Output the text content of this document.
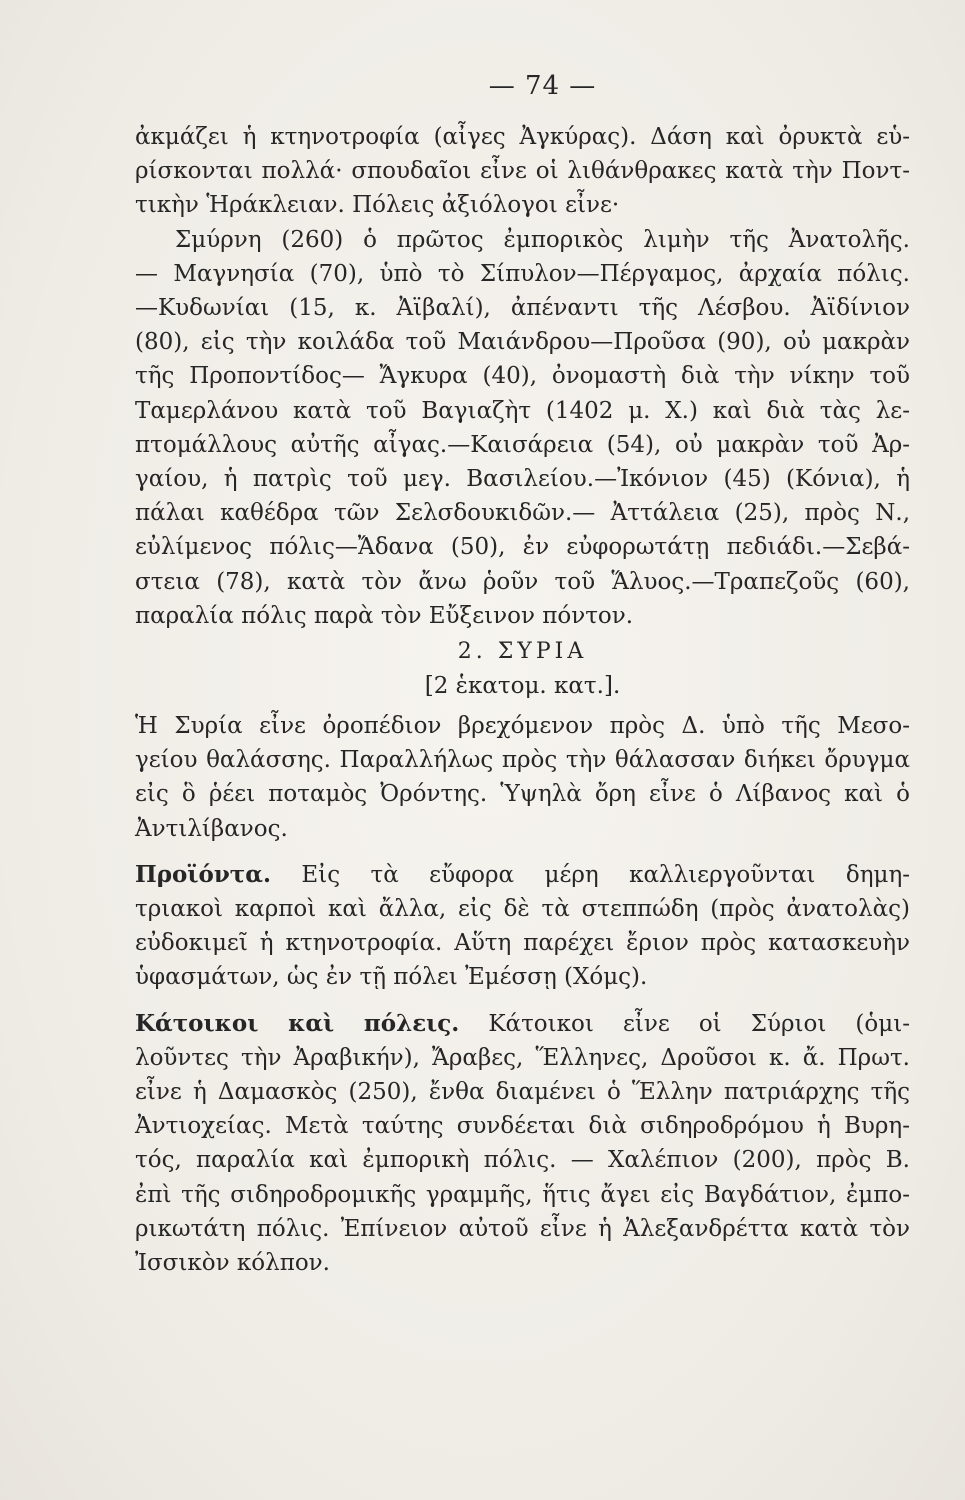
— 74 —
ἀκμάζει ἡ κτηνοτροφία (αἶγες Ἀγκύρας). Δάση καὶ ὀρυκτὰ εὑ-
ρίσκονται πολλά· σπουδαῖοι εἶνε οἱ λιθάνθρακες κατὰ τὴν Ποντ-
τικὴν Ἡράκλειαν. Πόλεις ἀξιόλογοι εἶνε·
Σμύρνη (260) ὁ πρῶτος ἐμπορικὸς λιμὴν τῆς Ἀνατολῆς.
— Μαγνησία (70), ὑπὸ τὸ Σίπυλον—Πέργαμος, ἀρχαία πόλις.
—Κυδωνίαι (15, κ. Ἀϊβαλί), ἀπέναντι τῆς Λέσβου. Ἀϊδίνιον
(80), εἰς τὴν κοιλάδα τοῦ Μαιάνδρου—Προῦσα (90), οὐ μακρὰν
τῆς Προποντίδος— Ἄγκυρα (40), ὀνομαστὴ διὰ τὴν νίκην τοῦ
Ταμερλάνου κατὰ τοῦ Βαγιαζὴτ (1402 μ. Χ.) καὶ διὰ τὰς λε-
πτομάλλους αὐτῆς αἶγας.—Καισάρεια (54), οὐ μακρὰν τοῦ Ἀρ-
γαίου, ἡ πατρὶς τοῦ μεγ. Βασιλείου.—Ἰκόνιον (45) (Κόνια), ἡ
πάλαι καθέδρα τῶν Σελσδουκιδῶν.— Ἀττάλεια (25), πρὸς Ν.,
εὐλίμενος πόλις—Ἄδανα (50), ἐν εὐφορωτάτῃ πεδιάδι.—Σεβά-
στεια (78), κατὰ τὸν ἄνω ῥοῦν τοῦ Ἅλυος.—Τραπεζοῦς (60),
παραλία πόλις παρὰ τὸν Εὔξεινον πόντον.
2. ΣΥΡΙΑ
[2 ἑκατομ. κατ.].
Ἡ Συρία εἶνε ὀροπέδιον βρεχόμενον πρὸς Δ. ὑπὸ τῆς Μεσο-
γείου θαλάσσης. Παραλλήλως πρὸς τὴν θάλασσαν διήκει ὄρυγμα
εἰς ὃ ῥέει ποταμὸς Ὀρόντης. Ὑψηλὰ ὄρη εἶνε ὁ Λίβανος καὶ ὁ
Ἀντιλίβανος.
Προϊόντα. Εἰς τὰ εὔφορα μέρη καλλιεργοῦνται δημη-
τριακοὶ καρποὶ καὶ ἄλλα, εἰς δὲ τὰ στεππώδη (πρὸς ἀνατολὰς)
εὐδοκιμεῖ ἡ κτηνοτροφία. Αὕτη παρέχει ἔριον πρὸς κατασκευὴν
ὑφασμάτων, ὡς ἐν τῇ πόλει Ἐμέσσῃ (Χόμς).
Κάτοικοι καὶ πόλεις. Κάτοικοι εἶνε οἱ Σύριοι (ὁμι-
λοῦντες τὴν Ἀραβικήν), Ἄραβες, Ἕλληνες, Δροῦσοι κ. ἄ. Πρωτ.
εἶνε ἡ Δαμασκὸς (250), ἔνθα διαμένει ὁ Ἕλλην πατριάρχης τῆς
Ἀντιοχείας. Μετὰ ταύτης συνδέεται διὰ σιδηροδρόμου ἡ Βυρη-
τός, παραλία καὶ ἐμπορικὴ πόλις. — Χαλέπιον (200), πρὸς Β.
ἐπὶ τῆς σιδηροδρομικῆς γραμμῆς, ἥτις ἄγει εἰς Βαγδάτιον, ἐμπο-
ρικωτάτη πόλις. Ἐπίνειον αὐτοῦ εἶνε ἡ Ἀλεξανδρέττα κατὰ τὸν
Ἰσσικὸν κόλπον.
